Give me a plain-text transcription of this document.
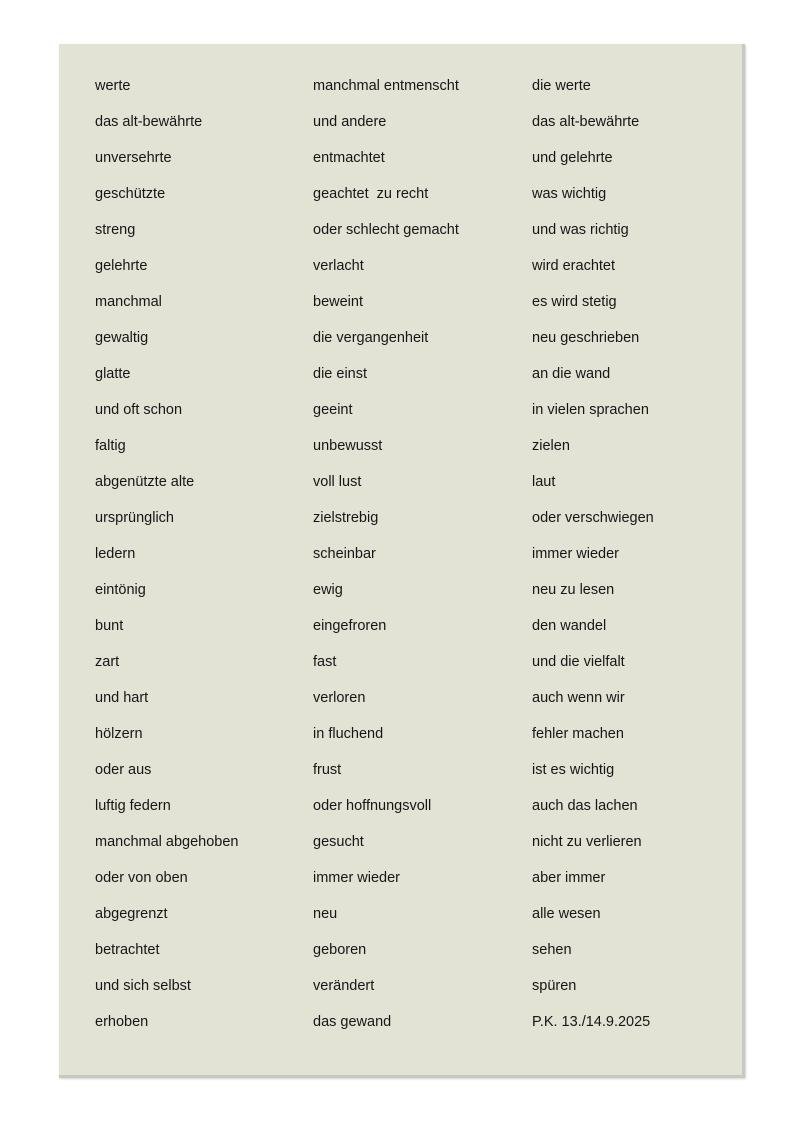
werte
das alt-bewährte
unversehrte
geschützte
streng
gelehrte
manchmal
gewaltig
glatte
und oft schon
faltig
abgenützte alte
ursprünglich
ledern
eintönig
bunt
zart
und hart
hölzern
oder aus
luftig federn
manchmal abgehoben
oder von oben
abgegrenzt
betrachtet
und sich selbst
erhoben
manchmal entmenscht
und andere
entmachtet
geachtet  zu recht
oder schlecht gemacht
verlacht
beweint
die vergangenheit
die einst
geeint
unbewusst
voll lust
zielstrebig
scheinbar
ewig
eingefroren
fast
verloren
in fluchend
frust
oder hoffnungsvoll
gesucht
immer wieder
neu
geboren
verändert
das gewand
die werte
das alt-bewährte
und gelehrte
was wichtig
und was richtig
wird erachtet
es wird stetig
neu geschrieben
an die wand
in vielen sprachen
zielen
laut
oder verschwiegen
immer wieder
neu zu lesen
den wandel
und die vielfalt
auch wenn wir
fehler machen
ist es wichtig
auch das lachen
nicht zu verlieren
aber immer
alle wesen
sehen
spüren
P.K. 13./14.9.2025
